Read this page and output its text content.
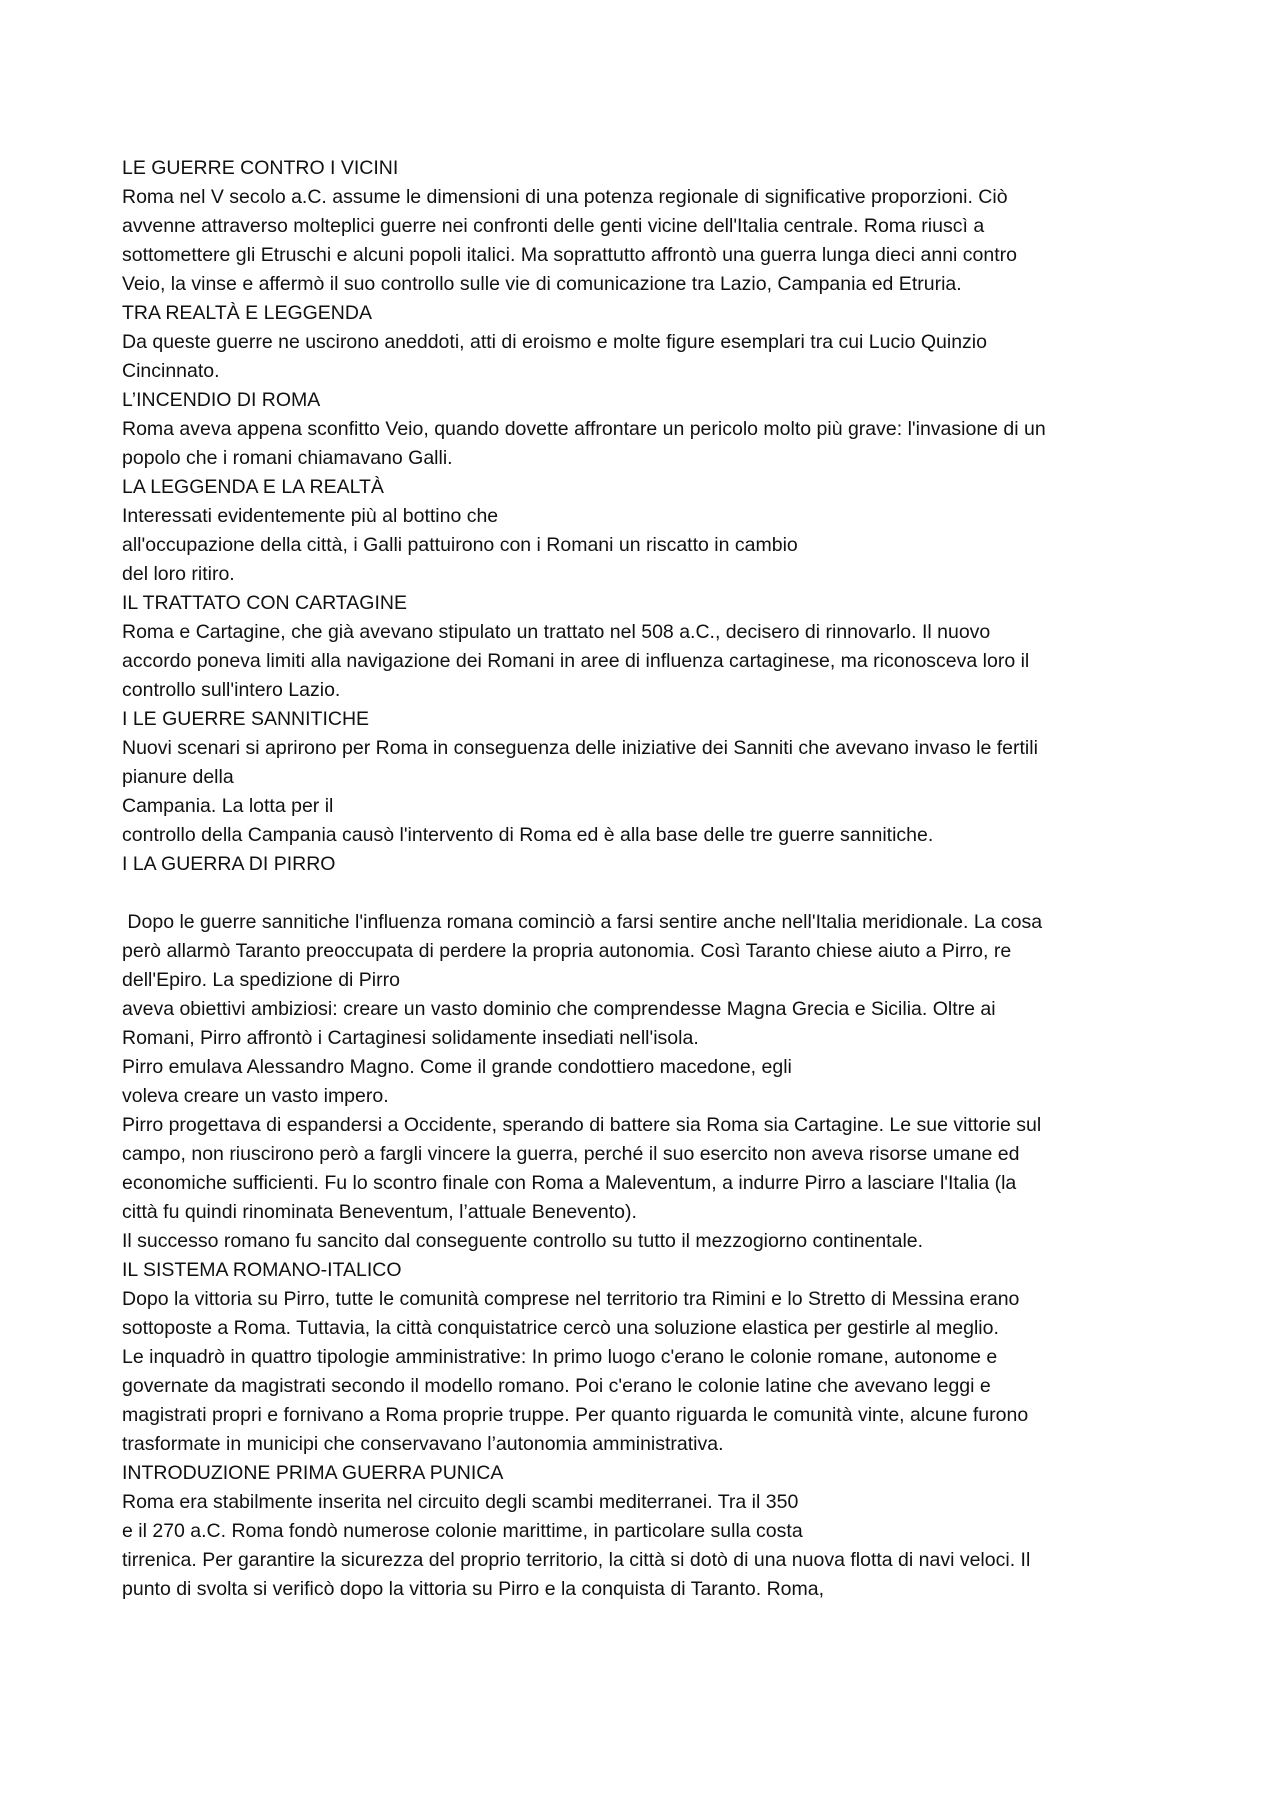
LE GUERRE CONTRO I VICINI
Roma nel V secolo a.C. assume le dimensioni di una potenza regionale di significative proporzioni. Ciò
avvenne attraverso molteplici guerre nei confronti delle genti vicine dell'Italia centrale. Roma riuscì a
sottomettere gli Etruschi e alcuni popoli italici. Ma soprattutto affrontò una guerra lunga dieci anni contro
Veio, la vinse e affermò il suo controllo sulle vie di comunicazione tra Lazio, Campania ed Etruria.
TRA REALTÀ E LEGGENDA
Da queste guerre ne uscirono aneddoti, atti di eroismo e molte figure esemplari tra cui Lucio Quinzio
Cincinnato.
L’INCENDIO DI ROMA
Roma aveva appena sconfitto Veio, quando dovette affrontare un pericolo molto più grave: l'invasione di un
popolo che i romani chiamavano Galli.
LA LEGGENDA E LA REALTÀ
Interessati evidentemente più al bottino che
all'occupazione della città, i Galli pattuirono con i Romani un riscatto in cambio
del loro ritiro.
IL TRATTATO CON CARTAGINE
Roma e Cartagine, che già avevano stipulato un trattato nel 508 a.C., decisero di rinnovarlo. Il nuovo
accordo poneva limiti alla navigazione dei Romani in aree di influenza cartaginese, ma riconosceva loro il
controllo sull'intero Lazio.
I LE GUERRE SANNITICHE
Nuovi scenari si aprirono per Roma in conseguenza delle iniziative dei Sanniti che avevano invaso le fertili
pianure della
Campania. La lotta per il
controllo della Campania causò l'intervento di Roma ed è alla base delle tre guerre sannitiche.
I LA GUERRA DI PIRRO
Dopo le guerre sannitiche l'influenza romana cominciò a farsi sentire anche nell'Italia meridionale. La cosa
però allarmò Taranto preoccupata di perdere la propria autonomia. Così Taranto chiese aiuto a Pirro, re
dell'Epiro. La spedizione di Pirro
aveva obiettivi ambiziosi: creare un vasto dominio che comprendesse Magna Grecia e Sicilia. Oltre ai
Romani, Pirro affrontò i Cartaginesi solidamente insediati nell'isola.
Pirro emulava Alessandro Magno. Come il grande condottiero macedone, egli
voleva creare un vasto impero.
Pirro progettava di espandersi a Occidente, sperando di battere sia Roma sia Cartagine. Le sue vittorie sul
campo, non riuscirono però a fargli vincere la guerra, perché il suo esercito non aveva risorse umane ed
economiche sufficienti. Fu lo scontro finale con Roma a Maleventum, a indurre Pirro a lasciare l'Italia (la
città fu quindi rinominata Beneventum, l’attuale Benevento).
Il successo romano fu sancito dal conseguente controllo su tutto il mezzogiorno continentale.
IL SISTEMA ROMANO-ITALICO
Dopo la vittoria su Pirro, tutte le comunità comprese nel territorio tra Rimini e lo Stretto di Messina erano
sottoposte a Roma. Tuttavia, la città conquistatrice cercò una soluzione elastica per gestirle al meglio.
Le inquadrò in quattro tipologie amministrative: In primo luogo c'erano le colonie romane, autonome e
governate da magistrati secondo il modello romano. Poi c'erano le colonie latine che avevano leggi e
magistrati propri e fornivano a Roma proprie truppe. Per quanto riguarda le comunità vinte, alcune furono
trasformate in municipi che conservavano l’autonomia amministrativa.
INTRODUZIONE PRIMA GUERRA PUNICA
Roma era stabilmente inserita nel circuito degli scambi mediterranei. Tra il 350
e il 270 a.C. Roma fondò numerose colonie marittime, in particolare sulla costa
tirrenica. Per garantire la sicurezza del proprio territorio, la città si dotò di una nuova flotta di navi veloci. Il
punto di svolta si verificò dopo la vittoria su Pirro e la conquista di Taranto. Roma,
